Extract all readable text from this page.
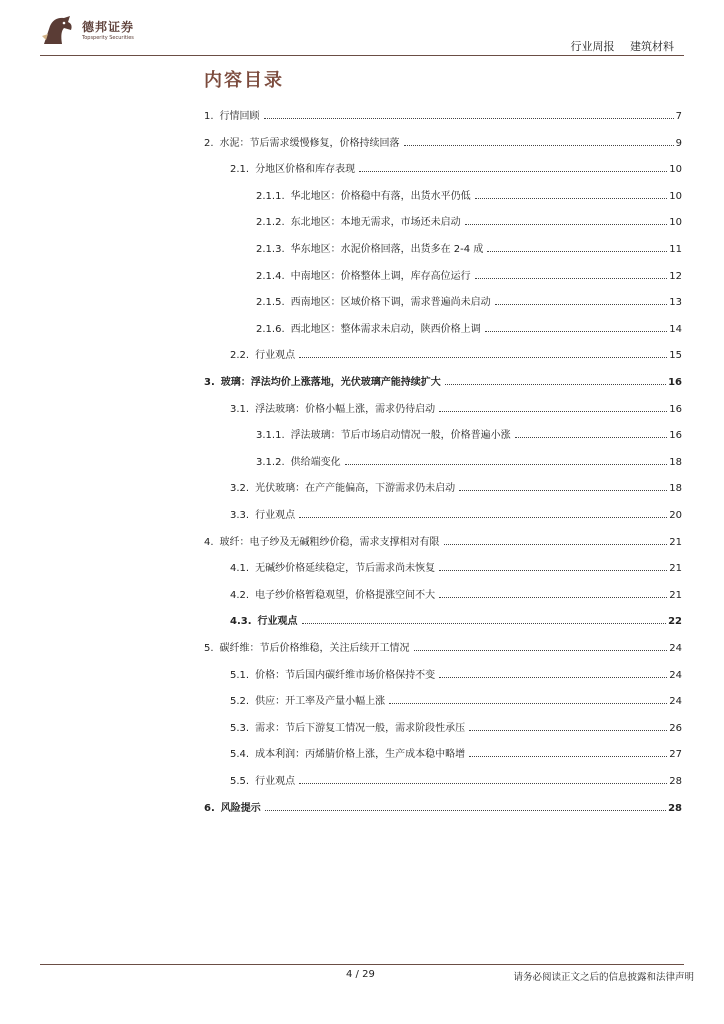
德邦证券
Topsperity Securities
行业周报 建筑材料
内容目录
1. 行情回顾	7
2. 水泥：节后需求缓慢修复，价格持续回落	9
2.1. 分地区价格和库存表现	10
2.1.1. 华北地区：价格稳中有落，出货水平仍低	10
2.1.2. 东北地区：本地无需求，市场还未启动	10
2.1.3. 华东地区：水泥价格回落，出货多在 2-4 成	11
2.1.4. 中南地区：价格整体上调，库存高位运行	12
2.1.5. 西南地区：区域价格下调，需求普遍尚未启动	13
2.1.6. 西北地区：整体需求未启动，陕西价格上调	14
2.2. 行业观点	15
3. 玻璃：浮法均价上涨落地，光伏玻璃产能持续扩大	16
3.1. 浮法玻璃：价格小幅上涨，需求仍待启动	16
3.1.1. 浮法玻璃：节后市场启动情况一般，价格普遍小涨	16
3.1.2. 供给端变化	18
3.2. 光伏玻璃：在产产能偏高，下游需求仍未启动	18
3.3. 行业观点	20
4. 玻纤：电子纱及无碱粗纱价稳，需求支撑相对有限	21
4.1. 无碱纱价格延续稳定，节后需求尚未恢复	21
4.2. 电子纱价格暂稳观望，价格提涨空间不大	21
4.3. 行业观点	22
5. 碳纤维：节后价格维稳，关注后续开工情况	24
5.1. 价格：节后国内碳纤维市场价格保持不变	24
5.2. 供应：开工率及产量小幅上涨	24
5.3. 需求：节后下游复工情况一般，需求阶段性承压	26
5.4. 成本利润：丙烯腈价格上涨，生产成本稳中略增	27
5.5. 行业观点	28
6. 风险提示	28
4 / 29	请务必阅读正文之后的信息披露和法律声明
